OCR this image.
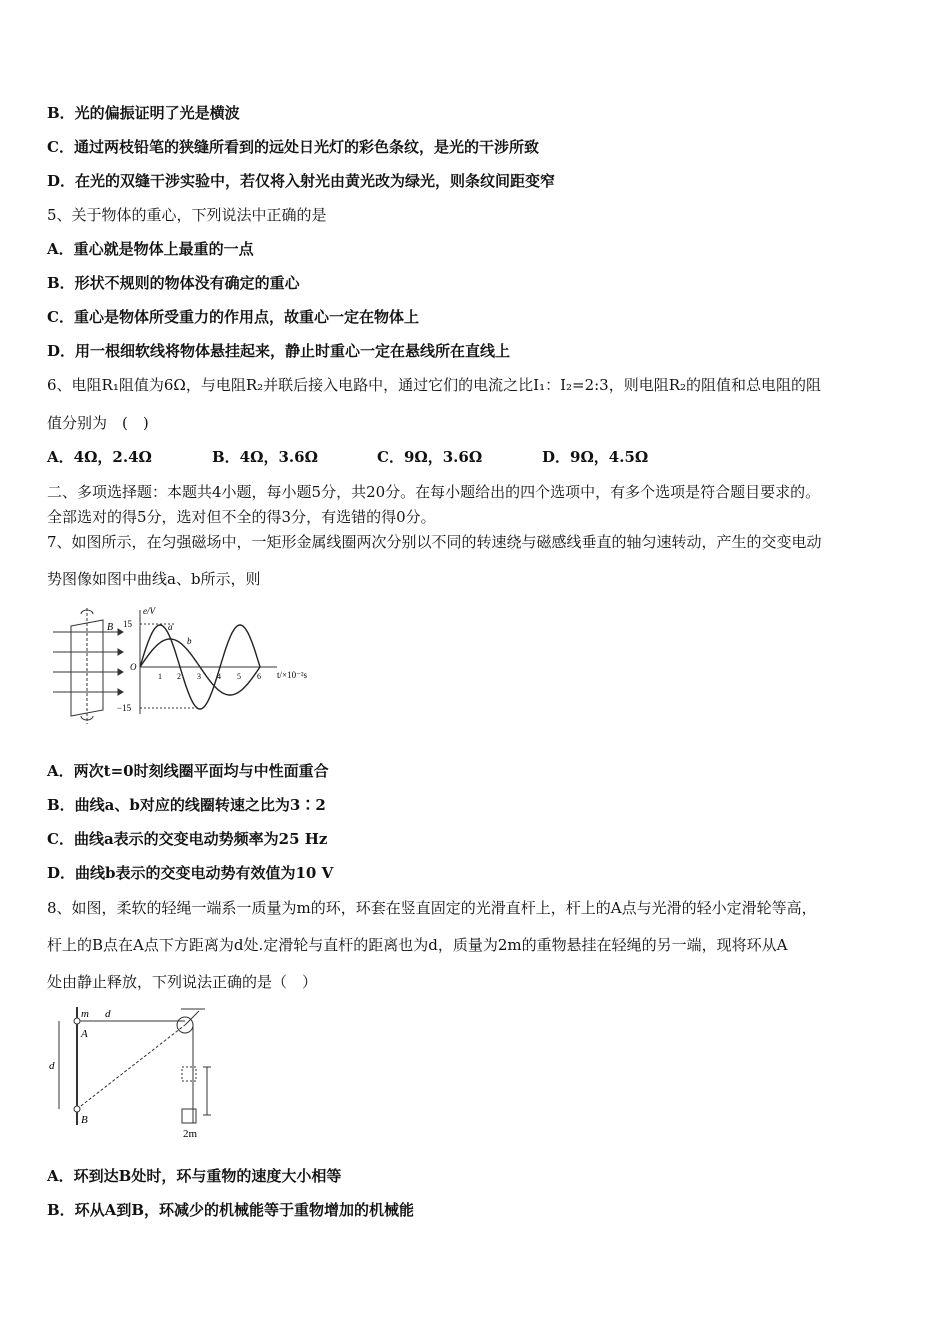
B．光的偏振证明了光是横波
C．通过两枝铅笔的狭缝所看到的远处日光灯的彩色条纹，是光的干涉所致
D．在光的双缝干涉实验中，若仅将入射光由黄光改为绿光，则条纹间距变窄
5、关于物体的重心，下列说法中正确的是
A．重心就是物体上最重的一点
B．形状不规则的物体没有确定的重心
C．重心是物体所受重力的作用点，故重心一定在物体上
D．用一根细软线将物体悬挂起来，静止时重心一定在悬线所在直线上
6、电阻R₁阻值为6Ω，与电阻R₂并联后接入电路中，通过它们的电流之比I₁：I₂=2:3，则电阻R₂的阻值和总电阻的阻
值分别为　(　)
A．4Ω，2.4Ω	B．4Ω，3.6Ω	C．9Ω，3.6Ω	D．9Ω，4.5Ω
二、多项选择题：本题共4小题，每小题5分，共20分。在每小题给出的四个选项中，有多个选项是符合题目要求的。
全部选对的得5分，选对但不全的得3分，有选错的得0分。
7、如图所示，在匀强磁场中，一矩形金属线圈两次分别以不同的转速绕与磁感线垂直的轴匀速转动，产生的交变电动
势图像如图中曲线a、b所示，则
B
e/V
t/×10⁻²s
15
−15
O
a
b
1 2 3 4 5 6
A．两次t=0时刻线圈平面均与中性面重合
B．曲线a、b对应的线圈转速之比为3∶2
C．曲线a表示的交变电动势频率为25 Hz
D．曲线b表示的交变电动势有效值为10 V
8、如图，柔软的轻绳一端系一质量为m的环，环套在竖直固定的光滑直杆上，杆上的A点与光滑的轻小定滑轮等高，
杆上的B点在A点下方距离为d处.定滑轮与直杆的距离也为d，质量为2m的重物悬挂在轻绳的另一端，现将环从A
处由静止释放，下列说法正确的是（　）
m d
d
A
B
2m
A．环到达B处时，环与重物的速度大小相等
B．环从A到B，环减少的机械能等于重物增加的机械能
